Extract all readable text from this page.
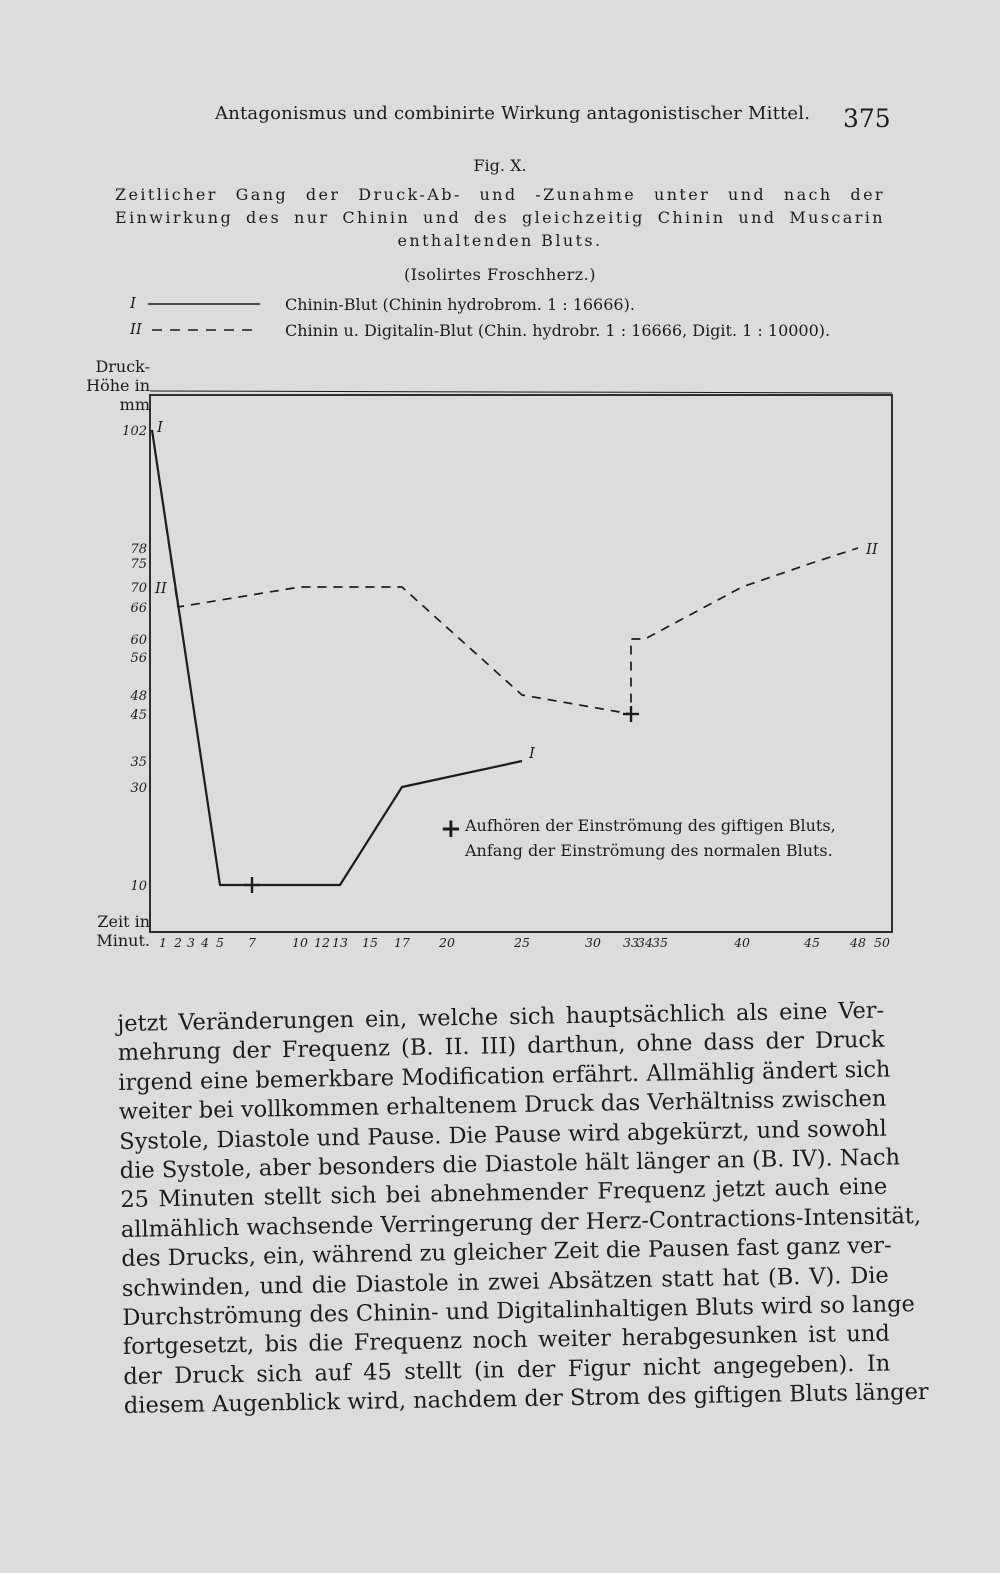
Antagonismus und combinirte Wirkung antagonistischer Mittel. 375
Fig. X.
Zeitlicher Gang der Druck-Ab- und -Zunahme unter und nach der Einwirkung des nur Chinin und des gleichzeitig Chinin und Muscarin enthaltenden Bluts.
(Isolirtes Froschherz.)
I	Chinin-Blut (Chinin hydrobrom. 1 : 16666).
II	Chinin u. Digitalin-Blut (Chin. hydrobr. 1 : 16666, Digit. 1 : 10000).
Druck-Höhe in mm
Zeit in Minut.
102
78
75
70
66
60
56
48
45
35
30
10
1 2 3 4 5 7	10 12 13 15 17 20	25	30 33
34 35	40	45 48 50
I
I
II
II
+ Aufhören der Einströmung des giftigen Bluts,
Anfang der Einströmung des normalen Bluts.
jetzt Veränderungen ein, welche sich hauptsächlich als eine Ver-
mehrung der Frequenz (B. II. III) darthun, ohne dass der Druck
irgend eine bemerkbare Modification erfährt. Allmählig ändert sich
weiter bei vollkommen erhaltenem Druck das Verhältniss zwischen
Systole, Diastole und Pause. Die Pause wird abgekürzt, und sowohl
die Systole, aber besonders die Diastole hält länger an (B. IV). Nach
25 Minuten stellt sich bei abnehmender Frequenz jetzt auch eine
allmählich wachsende Verringerung der Herz-Contractions-Intensität,
des Drucks, ein, während zu gleicher Zeit die Pausen fast ganz ver-
schwinden, und die Diastole in zwei Absätzen statt hat (B. V). Die
Durchströmung des Chinin- und Digitalinhaltigen Bluts wird so lange
fortgesetzt, bis die Frequenz noch weiter herabgesunken ist und
der Druck sich auf 45 stellt (in der Figur nicht angegeben). In
diesem Augenblick wird, nachdem der Strom des giftigen Bluts länger
